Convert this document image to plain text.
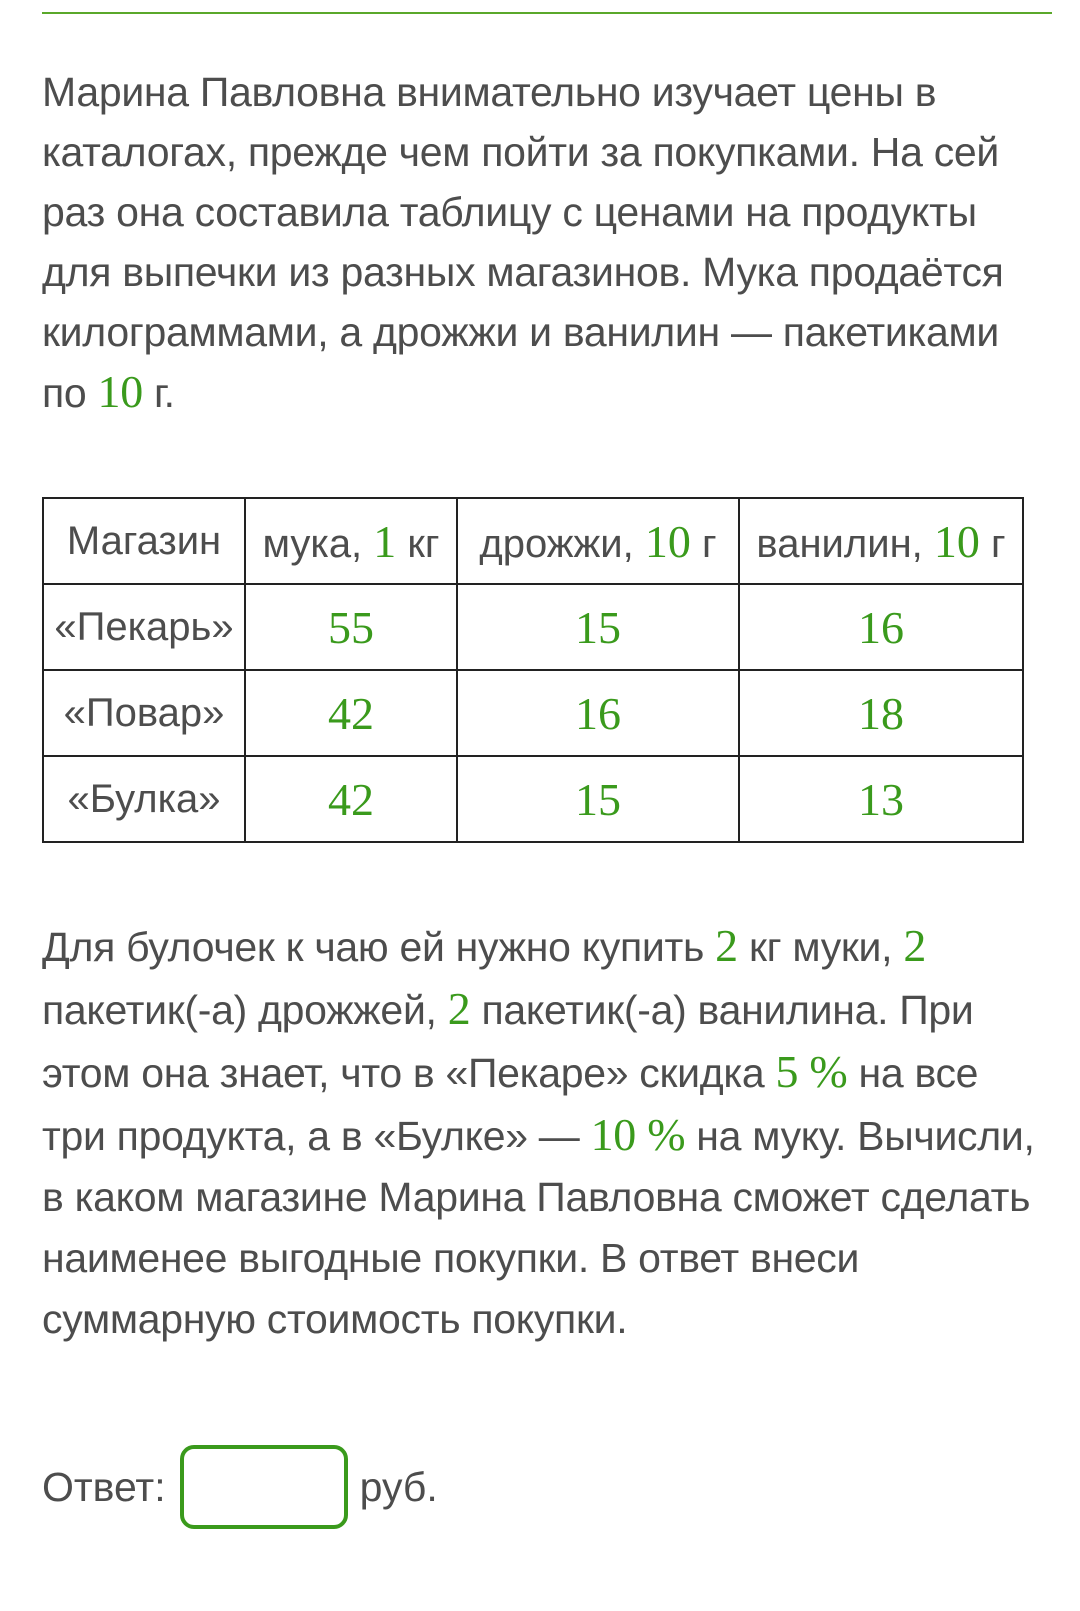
Марина Павловна внимательно изучает цены в каталогах, прежде чем пойти за покупками. На сей раз она составила таблицу с ценами на продукты для выпечки из разных магазинов. Мука продаётся килограммами, а дрожжи и ванилин — пакетиками по 10 г.
Магазин	мука, 1 кг	дрожжи, 10 г	ванилин, 10 г
«Пекарь»	55	15	16
«Повар»	42	16	18
«Булка»	42	15	13
Для булочек к чаю ей нужно купить 2 кг муки, 2 пакетик(-а) дрожжей, 2 пакетик(-а) ванилина. При этом она знает, что в «Пекаре» скидка 5 % на все три продукта, а в «Булке» — 10 % на муку. Вычисли, в каком магазине Марина Павловна сможет сделать наименее выгодные покупки. В ответ внеси суммарную стоимость покупки.
Ответ:	руб.
